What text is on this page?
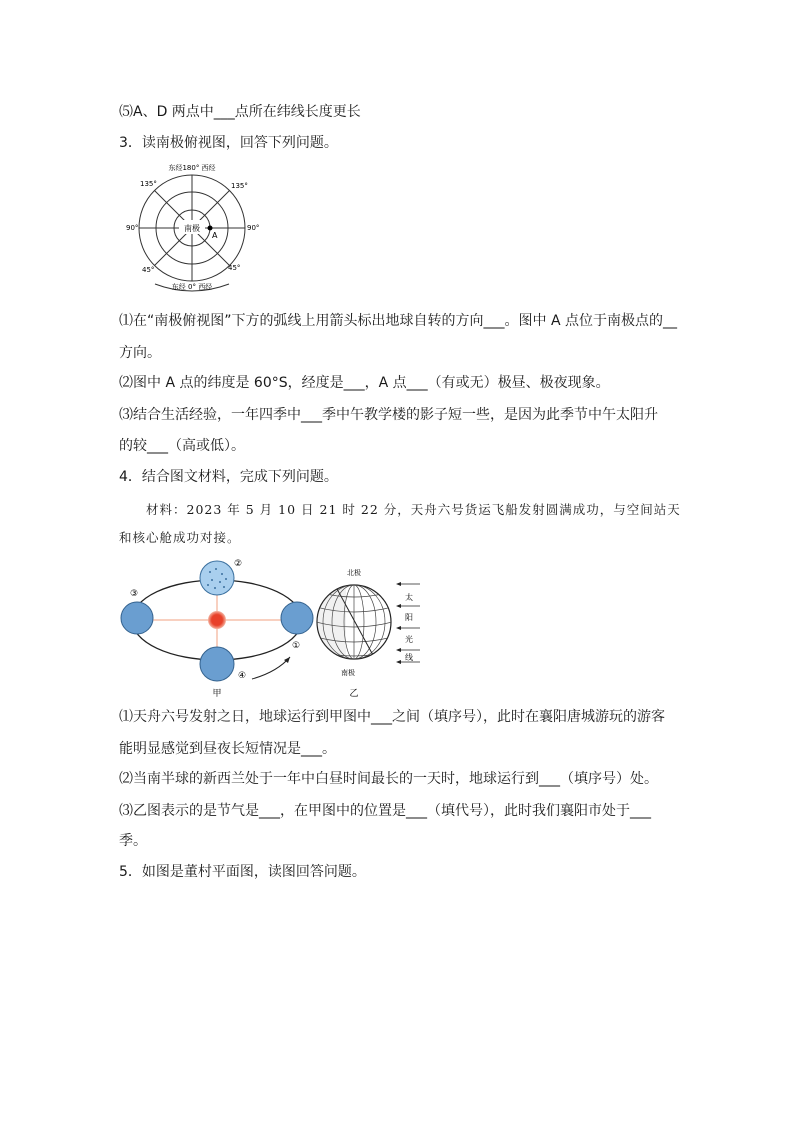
⑸A、D 两点中___点所在纬线长度更长
3．读南极俯视图，回答下列问题。
南极
A
东经180° 西经
135°	135°
90°	90°
45°	45°
东经 0° 西经
⑴在“南极俯视图”下方的弧线上用箭头标出地球自转的方向___。图中 A 点位于南极点的__
方向。
⑵图中 A 点的纬度是 60°S，经度是___，A 点___（有或无）极昼、极夜现象。
⑶结合生活经验，一年四季中___季中午教学楼的影子短一些，是因为此季节中午太阳升
的较___（高或低）。
4．结合图文材料，完成下列问题。
材料：2023 年 5 月 10 日 21 时 22 分，天舟六号货运飞船发射圆满成功，与空间站天
和核心舱成功对接。
②
③
①
④
甲
北极
南极
太
阳
光
线
乙
⑴天舟六号发射之日，地球运行到甲图中___之间（填序号），此时在襄阳唐城游玩的游客
能明显感觉到昼夜长短情况是___。
⑵当南半球的新西兰处于一年中白昼时间最长的一天时，地球运行到___（填序号）处。
⑶乙图表示的是节气是___，在甲图中的位置是___（填代号），此时我们襄阳市处于___
季。
5．如图是董村平面图，读图回答问题。
